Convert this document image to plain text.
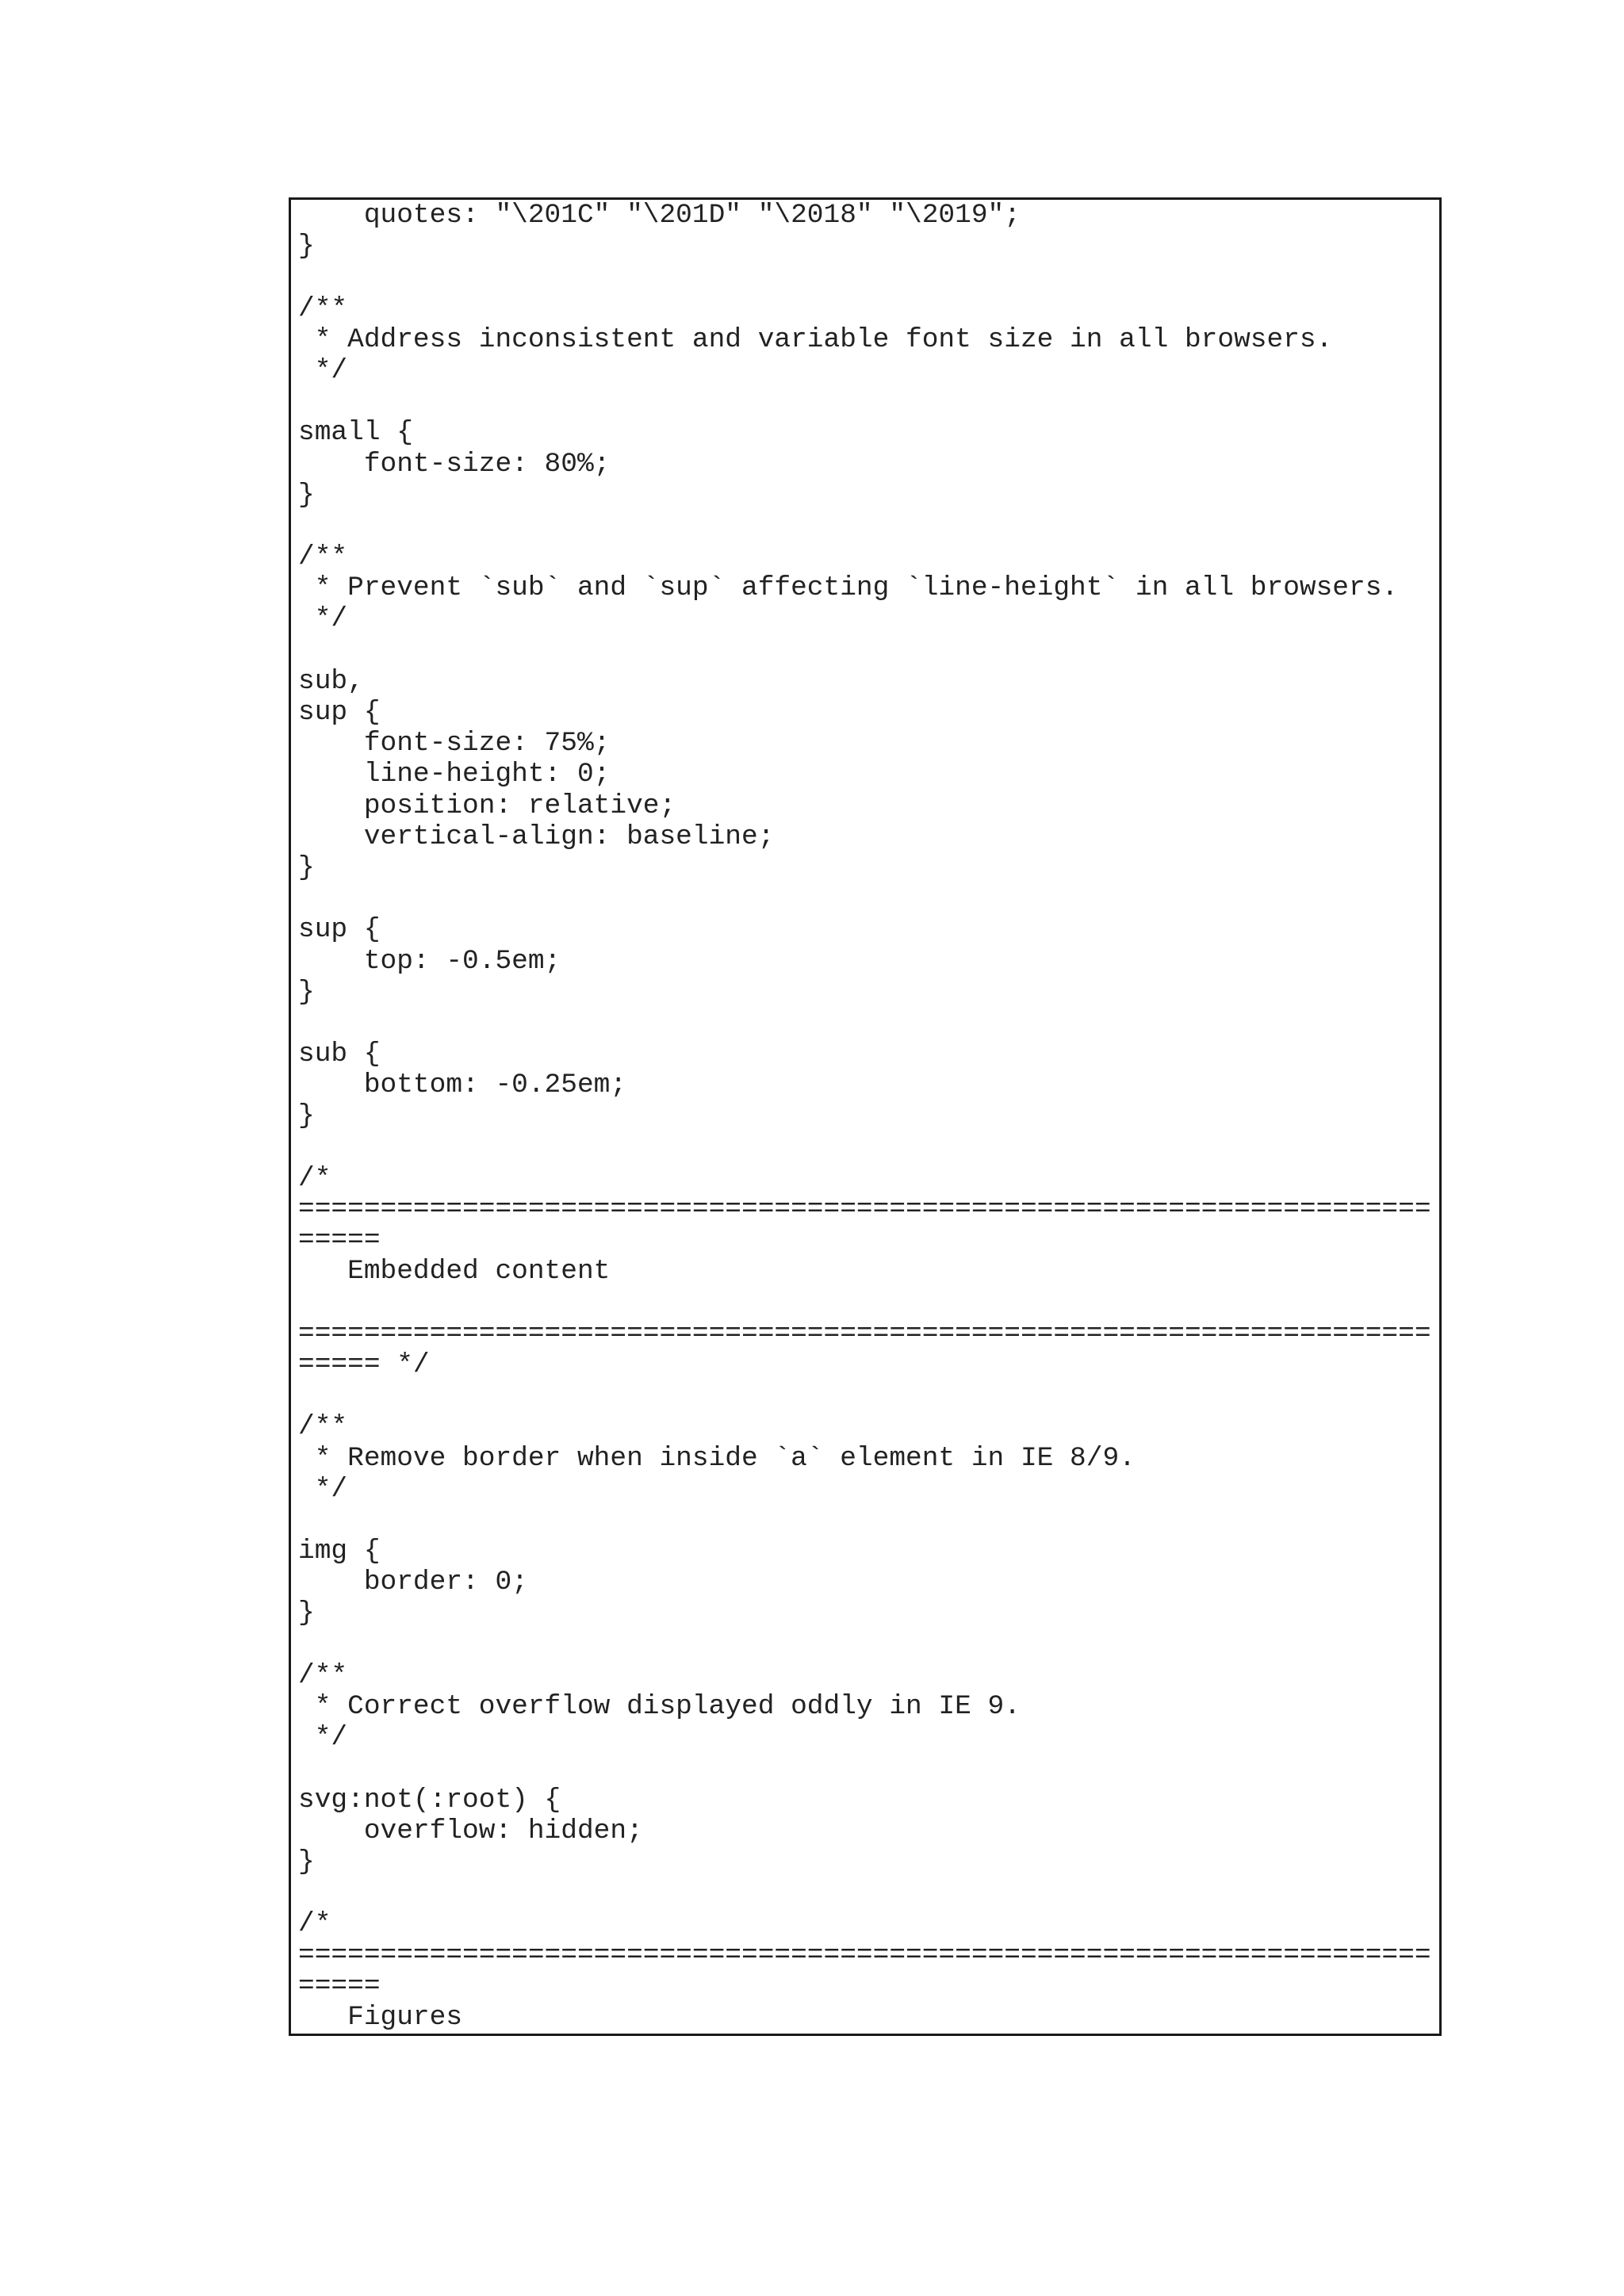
quotes: "\201C" "\201D" "\2018" "\2019";
}
/**
* Address inconsistent and variable font size in all browsers.
*/
small {
font-size: 80%;
}
/**
* Prevent `sub` and `sup` affecting `line-height` in all browsers.
*/
sub,
sup {
font-size: 75%;
line-height: 0;
position: relative;
vertical-align: baseline;
}
sup {
top: -0.5em;
}
sub {
bottom: -0.25em;
}
/*
=====================================================================
=====
Embedded content
=====================================================================
===== */
/**
* Remove border when inside `a` element in IE 8/9.
*/
img {
border: 0;
}
/**
* Correct overflow displayed oddly in IE 9.
*/
svg:not(:root) {
overflow: hidden;
}
/*
=====================================================================
=====
Figures
